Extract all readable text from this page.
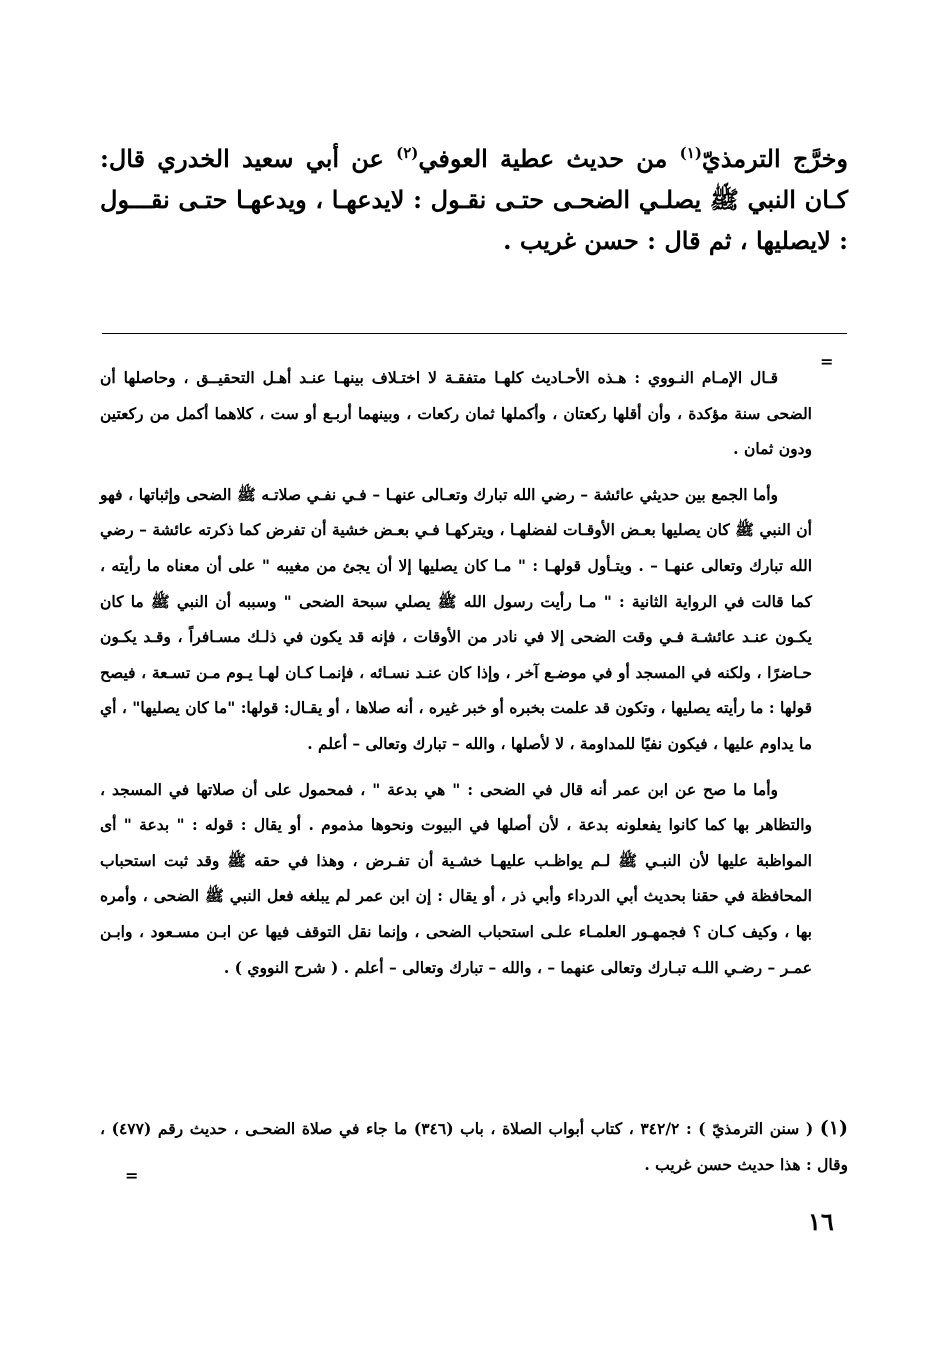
وخرَّج الترمذيّ$^{(١)}$ من حديث عطية العوفي$^{(٢)}$ عن أبي سعيد الخدري قال: كـان النبي ﷺ يصلـي الضحـى حتـى نقـول : لايدعهـا ، ويدعهـا حتـى نقـــول : لايصليها ، ثم قال : حسن غريب .

=

قـال الإمـام النـووي : هـذه الأحـاديث كلهـا متفقـة لا اختـلاف بينهـا عنـد أهـل التحقيــق ، وحاصلها أن الضحى سنة مؤكدة ، وأن أقلها ركعتان ، وأكملها ثمان ركعات ، وبينهما أربـع أو ست ، كلاهما أكمل من ركعتين ودون ثمان .

وأما الجمع بين حديثي عائشة – رضي الله تبارك وتعـالى عنهـا – فـي نفـي صلاتـه ﷺ الضحى وإثباتها ، فهو أن النبي ﷺ كان يصليها بعـض الأوقـات لفضلهـا ، ويتركهـا فـي بعـض خشية أن تفرض كما ذكرته عائشة – رضي الله تبارك وتعالى عنهـا – . ويتـأول قولهـا : " مـا كان يصليها إلا أن يجئ من مغيبه " على أن معناه ما رأيته ، كما قالت في الرواية الثانية : " مـا رأيت رسول الله ﷺ يصلي سبحة الضحى " وسببه أن النبي ﷺ ما كان يكـون عنـد عائشـة فـي وقت الضحى إلا في نادر من الأوقات ، فإنه قد يكون في ذلـك مسـافراً ، وقـد يكـون حـاضرًا ، ولكنه في المسجد أو في موضـع آخر ، وإذا كان عنـد نسـائه ، فإنمـا كـان لهـا يـوم مـن تسـعة ، فيصح قولها : ما رأيته يصليها ، وتكون قد علمت بخبره أو خبر غيره ، أنه صلاها ، أو يقـال: قولها: "ما كان يصليها" ، أي ما يداوم عليها ، فيكون نفيًا للمداومة ، لا لأصلها ، والله – تبارك وتعالى – أعلم .

وأما ما صح عن ابن عمر أنه قال في الضحى : " هي بدعة " ، فمحمول على أن صلاتها في المسجد ، والتظاهر بها كما كانوا يفعلونه بدعة ، لأن أصلها في البيوت ونحوها مذموم . أو يقال : قوله : " بدعة " أى المواظبة عليها لأن النبـي ﷺ لـم يواظـب عليهـا خشـية أن تفـرض ، وهذا في حقه ﷺ وقد ثبت استحباب المحافظة في حقنا بحديث أبي الدرداء وأبي ذر ، أو يقال : إن ابن عمر لم يبلغه فعل النبي ﷺ الضحى ، وأمره بها ، وكيف كـان ؟ فجمهـور العلمـاء علـى استحباب الضحى ، وإنما نقل التوقف فيها عن ابـن مسـعود ، وابـن عمـر – رضـي اللـه تبـارك وتعالى عنهما – ، والله – تبارك وتعالى – أعلم . ( شرح النووي ) .

(١) ( سنن الترمذيّ ) : ٣٤٢/٢ ، كتاب أبواب الصلاة ، باب (٣٤٦) ما جاء في صلاة الضحـى ، حديث رقم (٤٧٧) ، وقال : هذا حديث حسن غريب .

=
١٦
